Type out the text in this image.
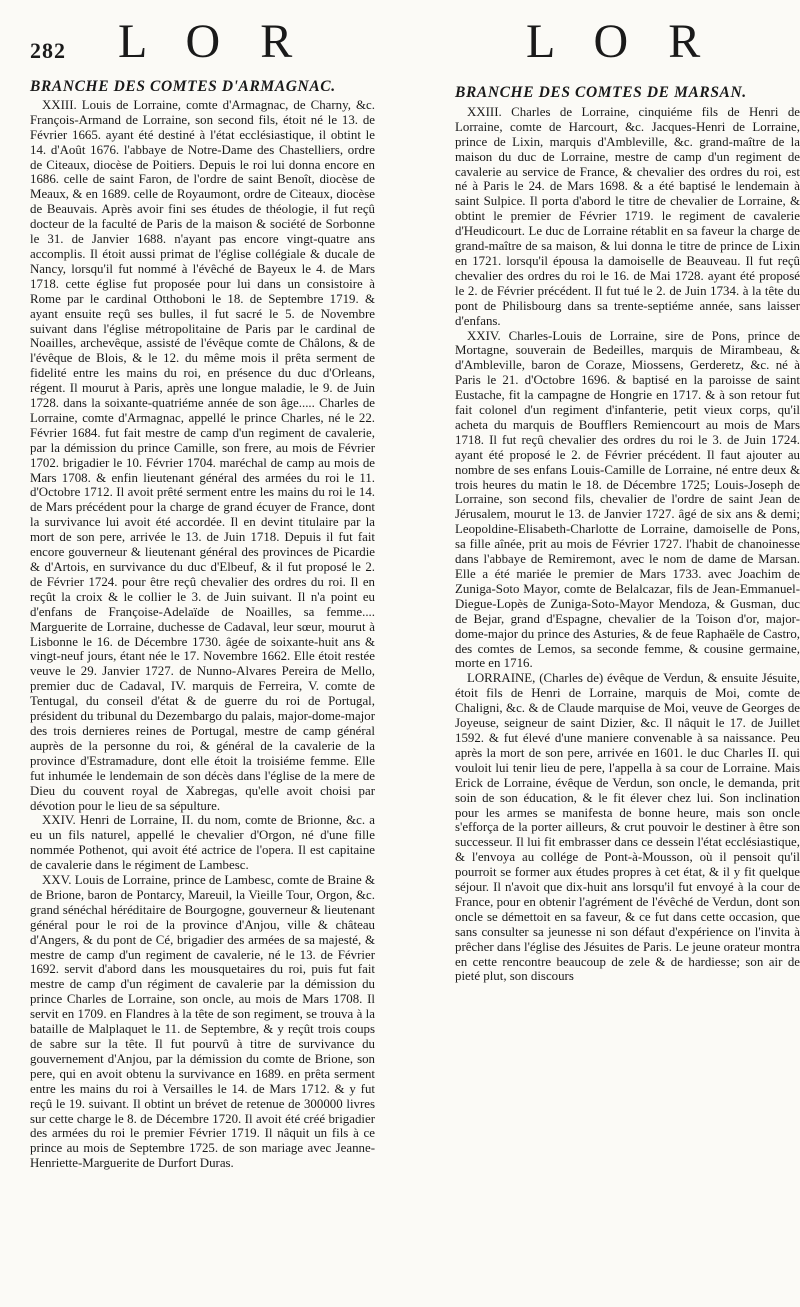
282 L O R	L O R
BRANCHE DES COMTES D'ARMAGNAC.

XXIII. Louis de Lorraine, comte d'Armagnac, de Charny, &c. François-Armand de Lorraine, son second fils, étoit né le 13. de Février 1665. ayant été destiné à l'état ecclésiastique, il obtint le 14. d'Août 1676. l'abbaye de Notre-Dame des Chastelliers, ordre de Citeaux, diocèse de Poitiers. Depuis le roi lui donna encore en 1686. celle de saint Faron, de l'ordre de saint Benoît, diocèse de Meaux, & en 1689. celle de Royaumont, ordre de Citeaux, diocèse de Beauvais. Après avoir fini ses études de théologie, il fut reçû docteur de la faculté de Paris de la maison & société de Sorbonne le 31. de Janvier 1688. n'ayant pas encore vingt-quatre ans accomplis. Il étoit aussi primat de l'église collégiale & ducale de Nancy, lorsqu'il fut nommé à l'évêché de Bayeux le 4. de Mars 1718. cette église fut proposée pour lui dans un consistoire à Rome par le cardinal Otthoboni le 18. de Septembre 1719. & ayant ensuite reçû ses bulles, il fut sacré le 5. de Novembre suivant dans l'église métropolitaine de Paris par le cardinal de Noailles, archevêque, assisté de l'évêque comte de Châlons, & de l'évêque de Blois, & le 12. du même mois il prêta serment de fidelité entre les mains du roi, en présence du duc d'Orleans, régent. Il mourut à Paris, après une longue maladie, le 9. de Juin 1728. dans la soixante-quatriéme année de son âge..... Charles de Lorraine, comte d'Armagnac, appellé le prince Charles, né le 22. Février 1684. fut fait mestre de camp d'un regiment de cavalerie, par la démission du prince Camille, son frere, au mois de Février 1702. brigadier le 10. Février 1704. maréchal de camp au mois de Mars 1708. & enfin lieutenant général des armées du roi le 11. d'Octobre 1712. Il avoit prêté serment entre les mains du roi le 14. de Mars précédent pour la charge de grand écuyer de France, dont la survivance lui avoit été accordée. Il en devint titulaire par la mort de son pere, arrivée le 13. de Juin 1718. Depuis il fut fait encore gouverneur & lieutenant général des provinces de Picardie & d'Artois, en survivance du duc d'Elbeuf, & il fut proposé le 2. de Février 1724. pour être reçû chevalier des ordres du roi. Il en reçût la croix & le collier le 3. de Juin suivant. Il n'a point eu d'enfans de Françoise-Adelaïde de Noailles, sa femme.... Marguerite de Lorraine, duchesse de Cadaval, leur sœur, mourut à Lisbonne le 16. de Décembre 1730. âgée de soixante-huit ans & vingt-neuf jours, étant née le 17. Novembre 1662. Elle étoit restée veuve le 29. Janvier 1727. de Nunno-Alvares Pereira de Mello, premier duc de Cadaval, IV. marquis de Ferreira, V. comte de Tentugal, du conseil d'état & de guerre du roi de Portugal, président du tribunal du Dezembargo du palais, major-dome-major des trois dernieres reines de Portugal, mestre de camp général auprès de la personne du roi, & général de la cavalerie de la province d'Estramadure, dont elle étoit la troisiéme femme. Elle fut inhumée le lendemain de son décès dans l'église de la mere de Dieu du couvent royal de Xabregas, qu'elle avoit choisi par dévotion pour le lieu de sa sépulture.

XXIV. Henri de Lorraine, II. du nom, comte de Brionne, &c. a eu un fils naturel, appellé le chevalier d'Orgon, né d'une fille nommée Pothenot, qui avoit été actrice de l'opera. Il est capitaine de cavalerie dans le régiment de Lambesc.

XXV. Louis de Lorraine, prince de Lambesc, comte de Braine & de Brione, baron de Pontarcy, Mareuil, la Vieille Tour, Orgon, &c. grand sénéchal héréditaire de Bourgogne, gouverneur & lieutenant général pour le roi de la province d'Anjou, ville & château d'Angers, & du pont de Cé, brigadier des armées de sa majesté, & mestre de camp d'un regiment de cavalerie, né le 13. de Février 1692. servit d'abord dans les mousquetaires du roi, puis fut fait mestre de camp d'un régiment de cavalerie par la démission du prince Charles de Lorraine, son oncle, au mois de Mars 1708. Il servit en 1709. en Flandres à la tête de son regiment, se trouva à la bataille de Malplaquet le 11. de Septembre, & y reçût trois coups de sabre sur la tête. Il fut pourvû à titre de survivance du gouvernement d'Anjou, par la démission du comte de Brione, son pere, qui en avoit obtenu la survivance en 1689. en prêta serment entre les mains du roi à Versailles le 14. de Mars 1712. & y fut reçû le 19. suivant. Il obtint un brévet de retenue de 300000 livres sur cette charge le 8. de Décembre 1720. Il avoit été créé brigadier des armées du roi le premier Février 1719. Il nâquit un fils à ce prince au mois de Septembre 1725. de son mariage avec Jeanne-Henriette-Marguerite de Durfort Duras.

BRANCHE DES COMTES DE MARSAN.

XXIII. Charles de Lorraine, cinquiéme fils de Henri de Lorraine, comte de Harcourt, &c. Jacques-Henri de Lorraine, prince de Lixin, marquis d'Ambleville, &c. grand-maître de la maison du duc de Lorraine, mestre de camp d'un regiment de cavalerie au service de France, & chevalier des ordres du roi, est né à Paris le 24. de Mars 1698. & a été baptisé le lendemain à saint Sulpice. Il porta d'abord le titre de chevalier de Lorraine, & obtint le premier de Février 1719. le regiment de cavalerie d'Heudicourt. Le duc de Lorraine rétablit en sa faveur la charge de grand-maître de sa maison, & lui donna le titre de prince de Lixin en 1721. lorsqu'il épousa la damoiselle de Beauveau. Il fut reçû chevalier des ordres du roi le 16. de Mai 1728. ayant été proposé le 2. de Février précédent. Il fut tué le 2. de Juin 1734. à la tête du pont de Philisbourg dans sa trente-septiéme année, sans laisser d'enfans.

XXIV. Charles-Louis de Lorraine, sire de Pons, prince de Mortagne, souverain de Bedeilles, marquis de Mirambeau, & d'Ambleville, baron de Coraze, Miossens, Gerderetz, &c. né à Paris le 21. d'Octobre 1696. & baptisé en la paroisse de saint Eustache, fit la campagne de Hongrie en 1717. & à son retour fut fait colonel d'un regiment d'infanterie, petit vieux corps, qu'il acheta du marquis de Boufflers Remiencourt au mois de Mars 1718. Il fut reçû chevalier des ordres du roi le 3. de Juin 1724. ayant été proposé le 2. de Février précédent. Il faut ajouter au nombre de ses enfans Louis-Camille de Lorraine, né entre deux & trois heures du matin le 18. de Décembre 1725; Louis-Joseph de Lorraine, son second fils, chevalier de l'ordre de saint Jean de Jérusalem, mourut le 13. de Janvier 1727. âgé de six ans & demi; Leopoldine-Elisabeth-Charlotte de Lorraine, damoiselle de Pons, sa fille aînée, prit au mois de Février 1727. l'habit de chanoinesse dans l'abbaye de Remiremont, avec le nom de dame de Marsan. Elle a été mariée le premier de Mars 1733. avec Joachim de Zuniga-Soto Mayor, comte de Belalcazar, fils de Jean-Emmanuel-Diegue-Lopès de Zuniga-Soto-Mayor Mendoza, & Gusman, duc de Bejar, grand d'Espagne, chevalier de la Toison d'or, major-dome-major du prince des Asturies, & de feue Raphaële de Castro, des comtes de Lemos, sa seconde femme, & cousine germaine, morte en 1716.

LORRAINE, (Charles de) évêque de Verdun, & ensuite Jésuite, étoit fils de Henri de Lorraine, marquis de Moi, comte de Chaligni, &c. & de Claude marquise de Moi, veuve de Georges de Joyeuse, seigneur de saint Dizier, &c. Il nâquit le 17. de Juillet 1592. & fut élevé d'une maniere convenable à sa naissance. Peu après la mort de son pere, arrivée en 1601. le duc Charles II. qui vouloit lui tenir lieu de pere, l'appella à sa cour de Lorraine. Mais Erick de Lorraine, évêque de Verdun, son oncle, le demanda, prit soin de son éducation, & le fit élever chez lui. Son inclination pour les armes se manifesta de bonne heure, mais son oncle s'efforça de la porter ailleurs, & crut pouvoir le destiner à être son successeur. Il lui fit embrasser dans ce dessein l'état ecclésiastique, & l'envoya au collége de Pont-à-Mousson, où il pensoit qu'il pourroit se former aux études propres à cet état, & il y fit quelque séjour. Il n'avoit que dix-huit ans lorsqu'il fut envoyé à la cour de France, pour en obtenir l'agrément de l'évêché de Verdun, dont son oncle se démettoit en sa faveur, & ce fut dans cette occasion, que sans consulter sa jeunesse ni son défaut d'expérience on l'invita à prêcher dans l'église des Jésuites de Paris. Le jeune orateur montra en cette rencontre beaucoup de zele & de hardiesse; son air de pieté plut, son discours
